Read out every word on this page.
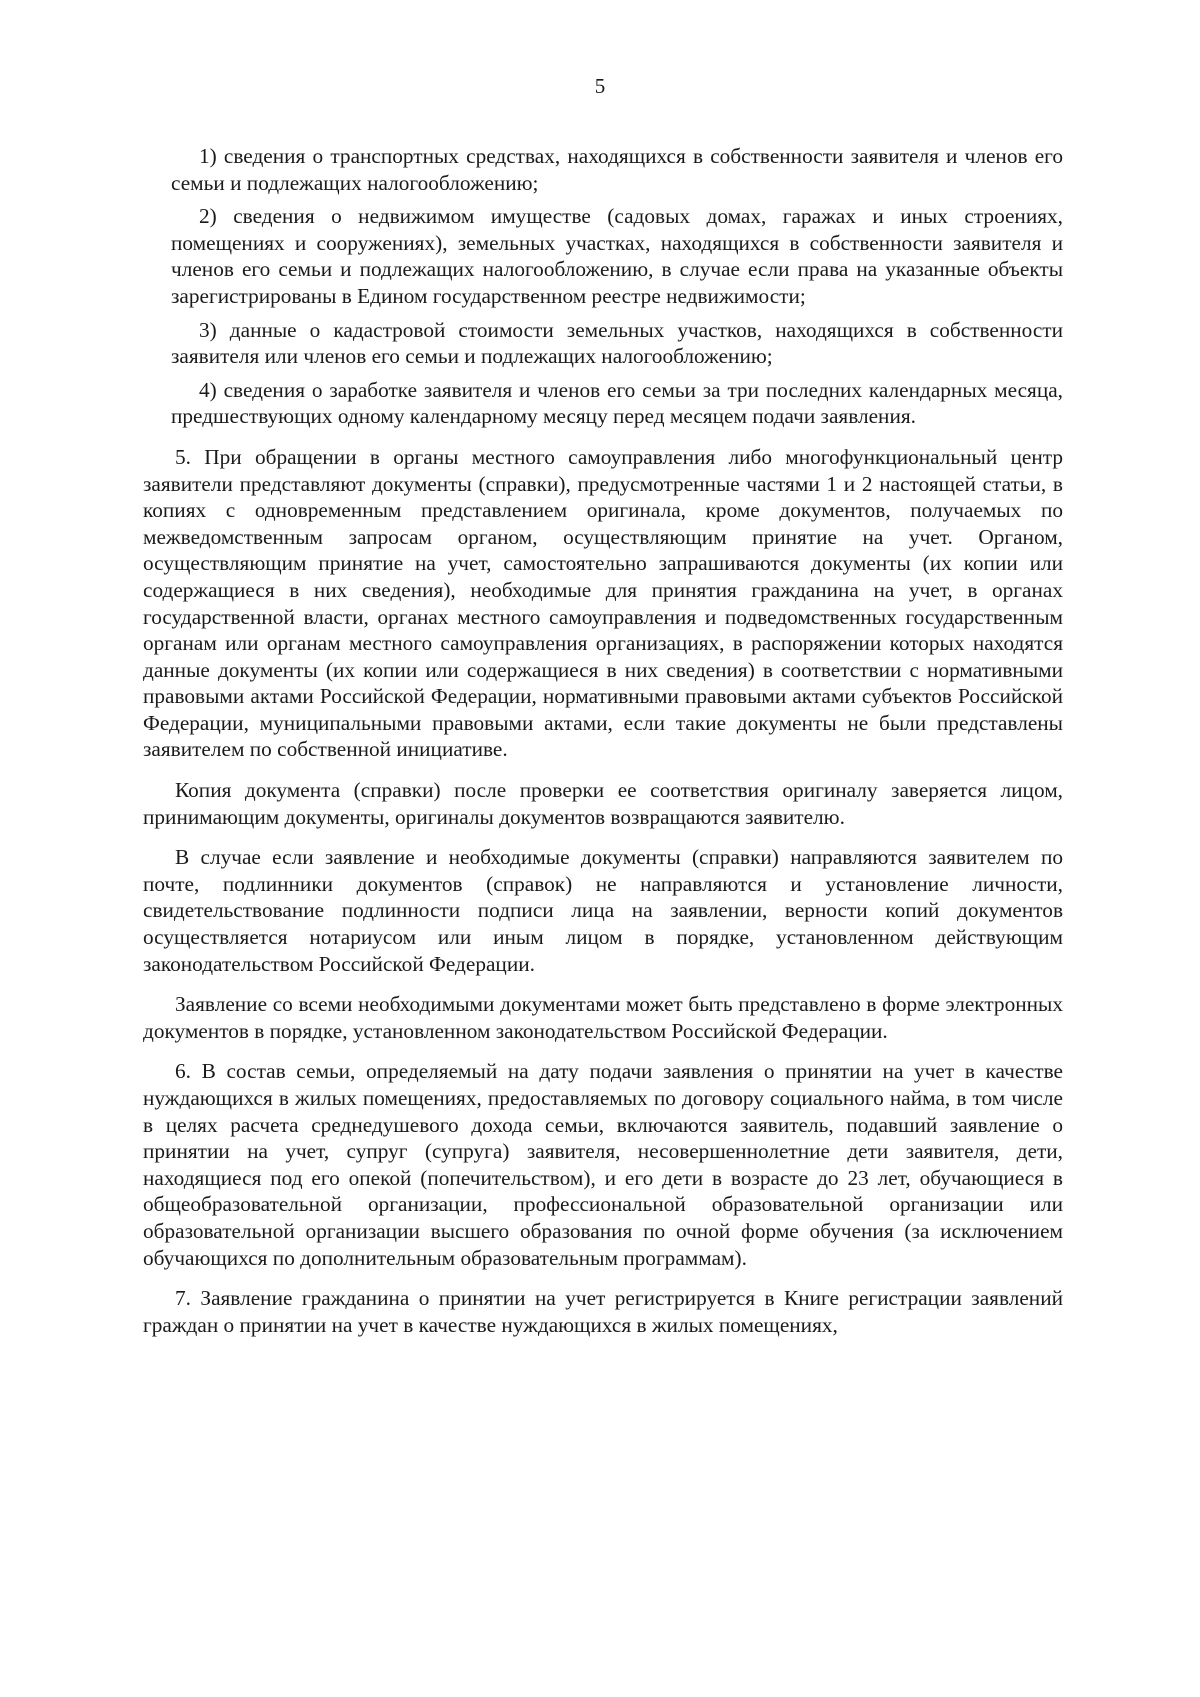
5

1) сведения о транспортных средствах, находящихся в собственности заявителя и членов его семьи и подлежащих налогообложению;

2) сведения о недвижимом имуществе (садовых домах, гаражах и иных строениях, помещениях и сооружениях), земельных участках, находящихся в собственности заявителя и членов его семьи и подлежащих налогообложению, в случае если права на указанные объекты зарегистрированы в Едином государственном реестре недвижимости;

3) данные о кадастровой стоимости земельных участков, находящихся в собственности заявителя или членов его семьи и подлежащих налогообложению;

4) сведения о заработке заявителя и членов его семьи за три последних календарных месяца, предшествующих одному календарному месяцу перед месяцем подачи заявления.

5. При обращении в органы местного самоуправления либо многофункциональный центр заявители представляют документы (справки), предусмотренные частями 1 и 2 настоящей статьи, в копиях с одновременным представлением оригинала, кроме документов, получаемых по межведомственным запросам органом, осуществляющим принятие на учет. Органом, осуществляющим принятие на учет, самостоятельно запрашиваются документы (их копии или содержащиеся в них сведения), необходимые для принятия гражданина на учет, в органах государственной власти, органах местного самоуправления и подведомственных государственным органам или органам местного самоуправления организациях, в распоряжении которых находятся данные документы (их копии или содержащиеся в них сведения) в соответствии с нормативными правовыми актами Российской Федерации, нормативными правовыми актами субъектов Российской Федерации, муниципальными правовыми актами, если такие документы не были представлены заявителем по собственной инициативе.

Копия документа (справки) после проверки ее соответствия оригиналу заверяется лицом, принимающим документы, оригиналы документов возвращаются заявителю.

В случае если заявление и необходимые документы (справки) направляются заявителем по почте, подлинники документов (справок) не направляются и установление личности, свидетельствование подлинности подписи лица на заявлении, верности копий документов осуществляется нотариусом или иным лицом в порядке, установленном действующим законодательством Российской Федерации.

Заявление со всеми необходимыми документами может быть представлено в форме электронных документов в порядке, установленном законодательством Российской Федерации.

6. В состав семьи, определяемый на дату подачи заявления о принятии на учет в качестве нуждающихся в жилых помещениях, предоставляемых по договору социального найма, в том числе в целях расчета среднедушевого дохода семьи, включаются заявитель, подавший заявление о принятии на учет, супруг (супруга) заявителя, несовершеннолетние дети заявителя, дети, находящиеся под его опекой (попечительством), и его дети в возрасте до 23 лет, обучающиеся в общеобразовательной организации, профессиональной образовательной организации или образовательной организации высшего образования по очной форме обучения (за исключением обучающихся по дополнительным образовательным программам).

7. Заявление гражданина о принятии на учет регистрируется в Книге регистрации заявлений граждан о принятии на учет в качестве нуждающихся в жилых помещениях,
